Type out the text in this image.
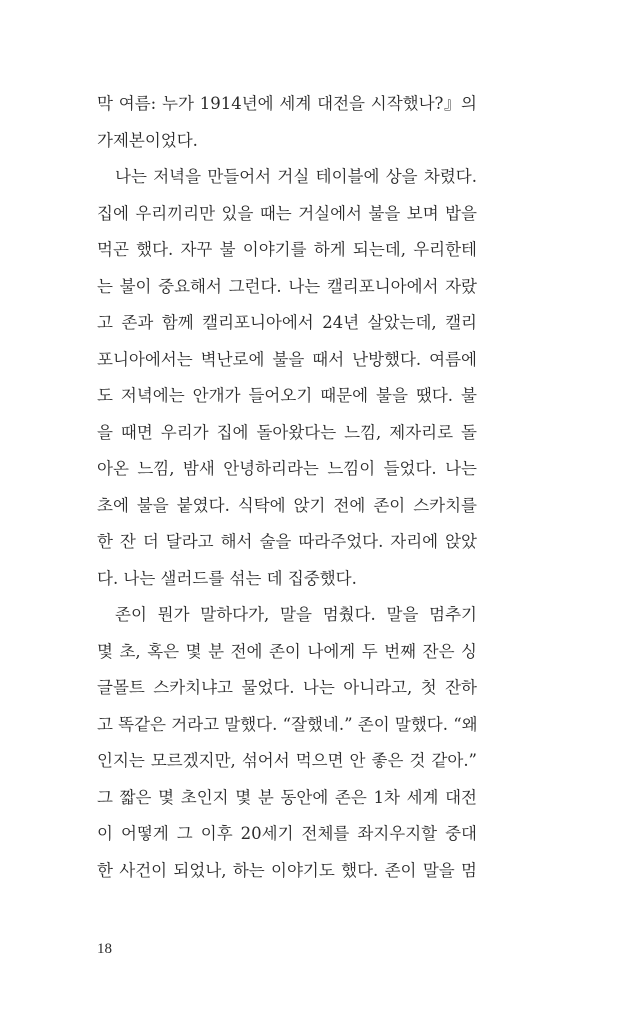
막 여름: 누가 1914년에 세계 대전을 시작했나?』의
가제본이었다.
나는 저녁을 만들어서 거실 테이블에 상을 차렸다.
집에 우리끼리만 있을 때는 거실에서 불을 보며 밥을
먹곤 했다. 자꾸 불 이야기를 하게 되는데, 우리한테
는 불이 중요해서 그런다. 나는 캘리포니아에서 자랐
고 존과 함께 캘리포니아에서 24년 살았는데, 캘리
포니아에서는 벽난로에 불을 때서 난방했다. 여름에
도 저녁에는 안개가 들어오기 때문에 불을 땠다. 불
을 때면 우리가 집에 돌아왔다는 느낌, 제자리로 돌
아온 느낌, 밤새 안녕하리라는 느낌이 들었다. 나는
초에 불을 붙였다. 식탁에 앉기 전에 존이 스카치를
한 잔 더 달라고 해서 술을 따라주었다. 자리에 앉았
다. 나는 샐러드를 섞는 데 집중했다.
존이 뭔가 말하다가, 말을 멈췄다. 말을 멈추기
몇 초, 혹은 몇 분 전에 존이 나에게 두 번째 잔은 싱
글몰트 스카치냐고 물었다. 나는 아니라고, 첫 잔하
고 똑같은 거라고 말했다. “잘했네.” 존이 말했다. “왜
인지는 모르겠지만, 섞어서 먹으면 안 좋은 것 같아.”
그 짧은 몇 초인지 몇 분 동안에 존은 1차 세계 대전
이 어떻게 그 이후 20세기 전체를 좌지우지할 중대
한 사건이 되었나, 하는 이야기도 했다. 존이 말을 멈
18
